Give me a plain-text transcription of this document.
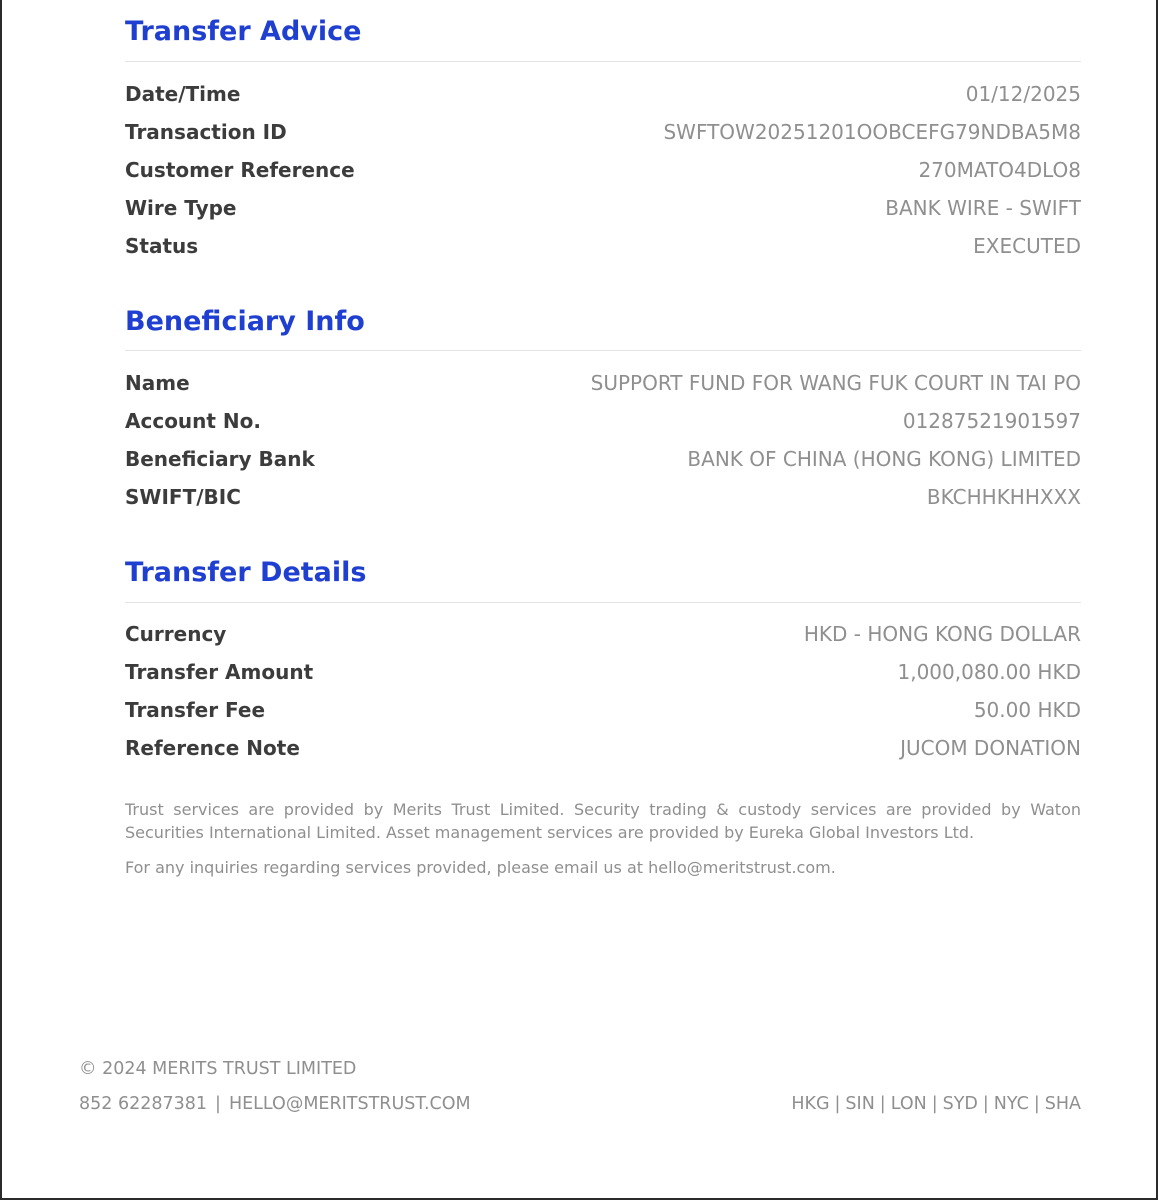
Transfer Advice
Date/Time	01/12/2025
Transaction ID	SWFTOW20251201OOBCEFG79NDBA5M8
Customer Reference	270MATO4DLO8
Wire Type	BANK WIRE - SWIFT
Status	EXECUTED
Beneficiary Info
Name	SUPPORT FUND FOR WANG FUK COURT IN TAI PO
Account No.	01287521901597
Beneficiary Bank	BANK OF CHINA (HONG KONG) LIMITED
SWIFT/BIC	BKCHHKHHXXX
Transfer Details
Currency	HKD - HONG KONG DOLLAR
Transfer Amount	1,000,080.00 HKD
Transfer Fee	50.00 HKD
Reference Note	JUCOM DONATION

Trust services are provided by Merits Trust Limited. Security trading & custody services are provided by Waton Securities International Limited. Asset management services are provided by Eureka Global Investors Ltd.

For any inquiries regarding services provided, please email us at hello@meritstrust.com.

© 2024 MERITS TRUST LIMITED
852 62287381 | HELLO@MERITSTRUST.COM	HKG | SIN | LON | SYD | NYC | SHA
